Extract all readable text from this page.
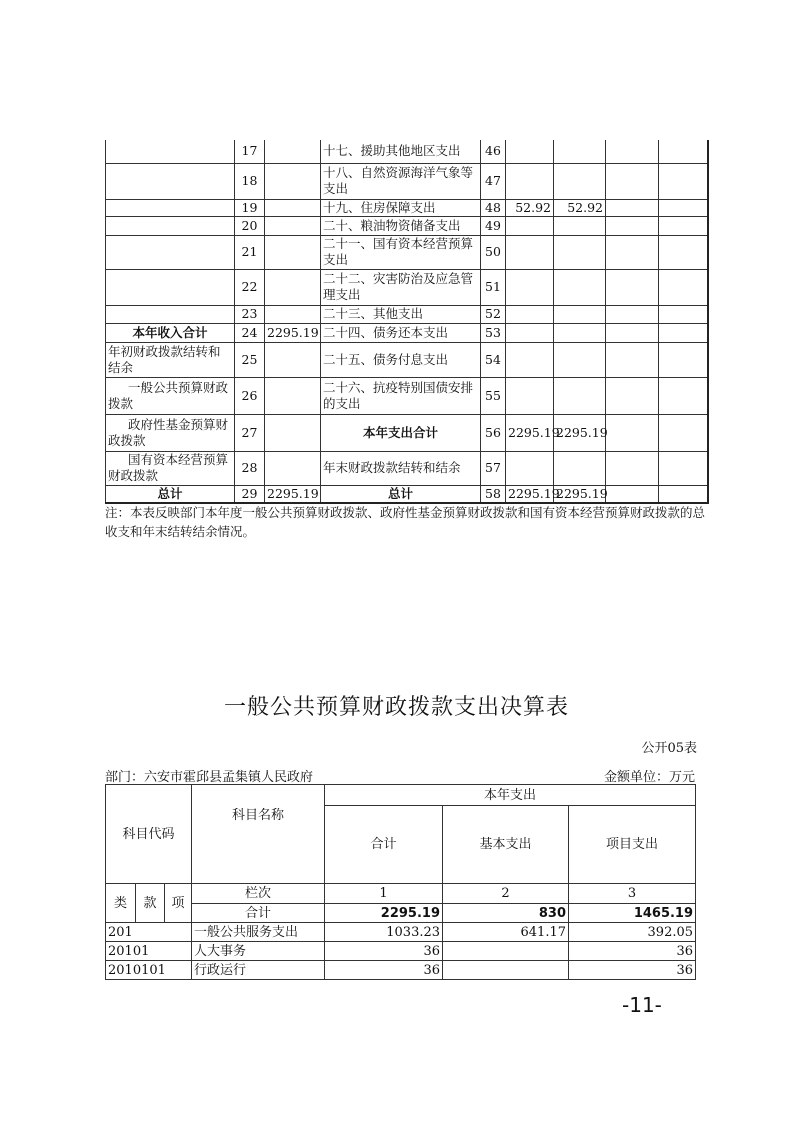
	17		十七、援助其他地区支出	46				
	18		十八、自然资源海洋气象等支出	47				
	19		十九、住房保障支出	48	52.92	52.92		
	20		二十、粮油物资储备支出	49				
	21		二十一、国有资本经营预算支出	50				
	22		二十二、灾害防治及应急管理支出	51				
	23		二十三、其他支出	52				
本年收入合计	24	2295.19	二十四、债务还本支出	53				
年初财政拨款结转和结余	25		二十五、债务付息支出	54				
一般公共预算财政拨款	26		二十六、抗疫特别国债安排的支出	55				
政府性基金预算财政拨款	27		本年支出合计	56	2295.19	2295.19		
国有资本经营预算财政拨款	28		年末财政拨款结转和结余	57				
总计	29	2295.19	总计	58	2295.19	2295.19		
注：本表反映部门本年度一般公共预算财政拨款、政府性基金预算财政拨款和国有资本经营预算财政拨款的总收支和年末结转结余情况。
一般公共预算财政拨款支出决算表
公开05表
部门：六安市霍邱县孟集镇人民政府	金额单位：万元
科目代码			科目名称	本年支出		
				合计	基本支出	项目支出
类	款	项	栏次	1	2	3
			合计	2295.19	830	1465.19
201			一般公共服务支出	1033.23	641.17	392.05
20101			人大事务	36		36
2010101			行政运行	36		36
-11-
